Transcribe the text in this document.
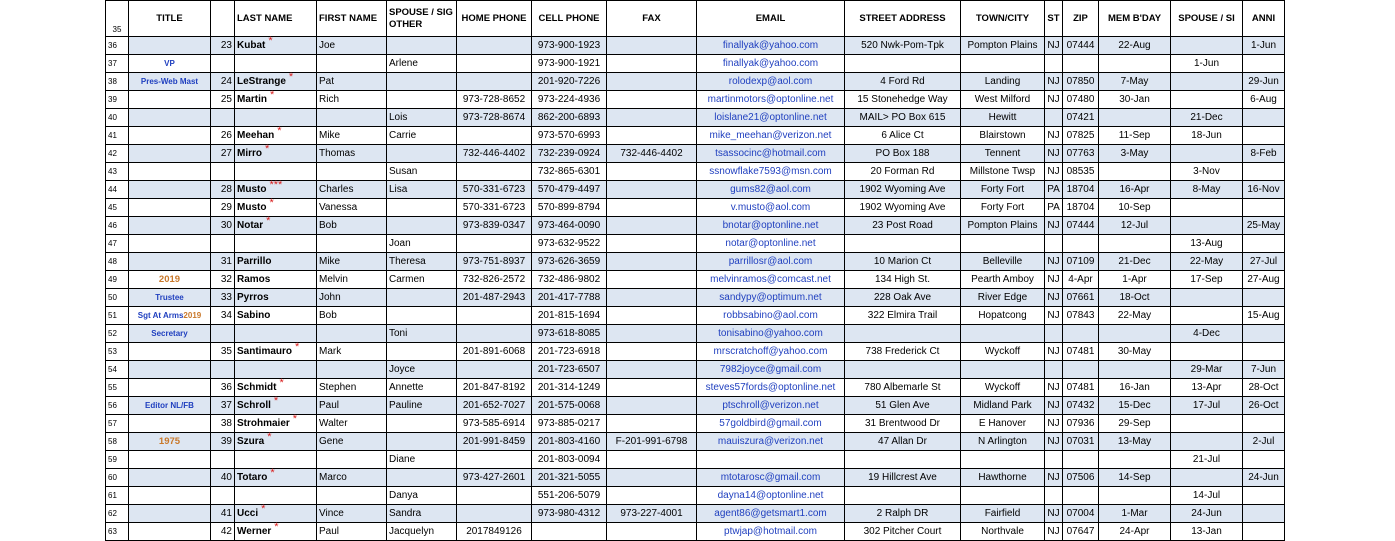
35	TITLE		LAST NAME	FIRST NAME	SPOUSE / SIG OTHER	HOME PHONE	CELL PHONE	FAX	EMAIL	STREET ADDRESS	TOWN/CITY	ST	ZIP	MEM B'DAY	SPOUSE / SI	ANNI
36		23	Kubat *	Joe			973-900-1923		finallyak@yahoo.com	520 Nwk-Pom-Tpk	Pompton Plains	NJ	07444	22-Aug		1-Jun
37	VP				Arlene		973-900-1921		finallyak@yahoo.com						1-Jun	
38	Pres-Web Mast	24	LeStrange *	Pat			201-920-7226		rolodexp@aol.com	4 Ford Rd	Landing	NJ	07850	7-May		29-Jun
39		25	Martin *	Rich		973-728-8652	973-224-4936		martinmotors@optonline.net	15 Stonehedge Way	West Milford	NJ	07480	30-Jan		6-Aug
40					Lois	973-728-8674	862-200-6893		loislane21@optonline.net	MAIL> PO Box 615	Hewitt		07421		21-Dec	
41		26	Meehan *	Mike	Carrie		973-570-6993		mike_meehan@verizon.net	6 Alice Ct	Blairstown	NJ	07825	11-Sep	18-Jun	
42		27	Mirro *	Thomas		732-446-4402	732-239-0924	732-446-4402	tsassocinc@hotmail.com	PO Box 188	Tennent	NJ	07763	3-May		8-Feb
43					Susan		732-865-6301		ssnowflake7593@msn.com	20 Forman Rd	Millstone Twsp	NJ	08535		3-Nov	
44		28	Musto ***	Charles	Lisa	570-331-6723	570-479-4497		gums82@aol.com	1902 Wyoming Ave	Forty Fort	PA	18704	16-Apr	8-May	16-Nov
45		29	Musto *	Vanessa		570-331-6723	570-899-8794		v.musto@aol.com	1902 Wyoming Ave	Forty Fort	PA	18704	10-Sep		
46		30	Notar *	Bob		973-839-0347	973-464-0090		bnotar@optonline.net	23 Post Road	Pompton Plains	NJ	07444	12-Jul		25-May
47					Joan		973-632-9522		notar@optonline.net						13-Aug	
48		31	Parrillo	Mike	Theresa	973-751-8937	973-626-3659		parrillosr@aol.com	10 Marion Ct	Belleville	NJ	07109	21-Dec	22-May	27-Jul
49	2019	32	Ramos	Melvin	Carmen	732-826-2572	732-486-9802		melvinramos@comcast.net	134 High St.	Pearth Amboy	NJ	4-Apr	1-Apr	17-Sep	27-Aug
50	Trustee	33	Pyrros	John		201-487-2943	201-417-7788		sandypy@optimum.net	228 Oak Ave	River Edge	NJ	07661	18-Oct		
51	Sgt At Arms2019	34	Sabino	Bob			201-815-1694		robbsabino@aol.com	322 Elmira Trail	Hopatcong	NJ	07843	22-May		15-Aug
52	Secretary				Toni		973-618-8085		tonisabino@yahoo.com						4-Dec	
53		35	Santimauro *	Mark		201-891-6068	201-723-6918		mrscratchoff@yahoo.com	738 Frederick Ct	Wyckoff	NJ	07481	30-May		
54					Joyce		201-723-6507		7982joyce@gmail.com						29-Mar	7-Jun
55		36	Schmidt *	Stephen	Annette	201-847-8192	201-314-1249		steves57fords@optonline.net	780 Albemarle St	Wyckoff	NJ	07481	16-Jan	13-Apr	28-Oct
56	Editor NL/FB	37	Schroll *	Paul	Pauline	201-652-7027	201-575-0068		ptschroll@verizon.net	51 Glen Ave	Midland Park	NJ	07432	15-Dec	17-Jul	26-Oct
57		38	Strohmaier *	Walter		973-585-6914	973-885-0217		57goldbird@gmail.com	31 Brentwood Dr	E Hanover	NJ	07936	29-Sep		
58	1975	39	Szura *	Gene		201-991-8459	201-803-4160	F-201-991-6798	mauiszura@verizon.net	47 Allan Dr	N Arlington	NJ	07031	13-May		2-Jul
59					Diane		201-803-0094								21-Jul	
60		40	Totaro *	Marco		973-427-2601	201-321-5055		mtotarosc@gmail.com	19 Hillcrest Ave	Hawthorne	NJ	07506	14-Sep		24-Jun
61					Danya		551-206-5079		dayna14@optonline.net						14-Jul	
62		41	Ucci *	Vince	Sandra		973-980-4312	973-227-4001	agent86@getsmart1.com	2 Ralph DR	Fairfield	NJ	07004	1-Mar	24-Jun	
63		42	Werner *	Paul	Jacquelyn	2017849126			ptwjap@hotmail.com	302 Pitcher Court	Northvale	NJ	07647	24-Apr	13-Jan	
